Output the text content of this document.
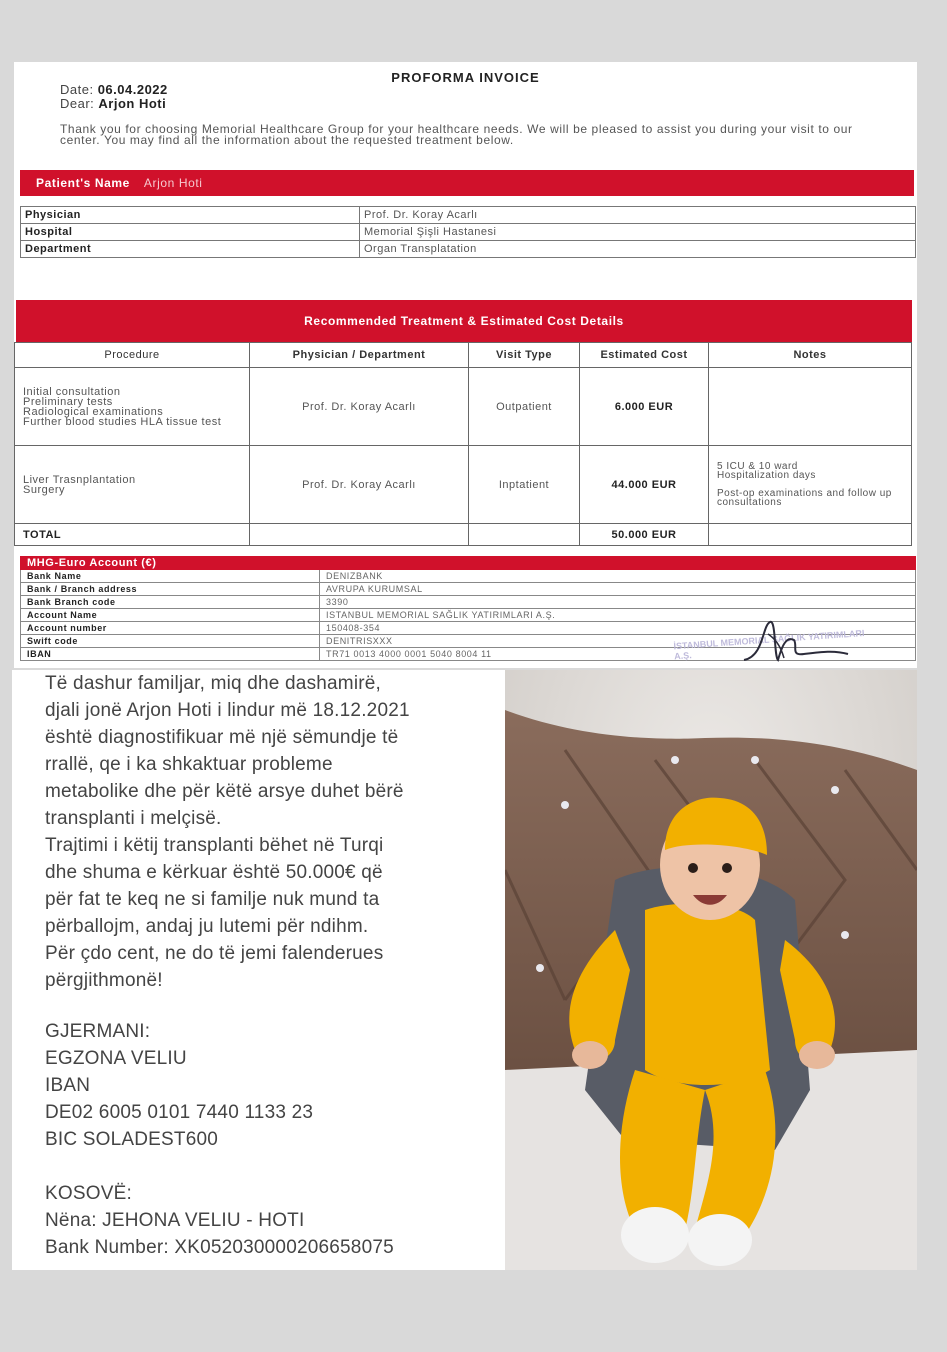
PROFORMA INVOICE
Date: 06.04.2022
Dear: Arjon Hoti
Thank you for choosing Memorial Healthcare Group for your healthcare needs. We will be pleased to assist you during your visit to our center. You may find all the information about the requested treatment below.
Patient's Name Arjon Hoti
Physician	Prof. Dr. Koray Acarlı
Hospital	Memorial Şişli Hastanesi
Department	Organ Transplatation
Recommended Treatment & Estimated Cost Details
Procedure	Physician / Department	Visit Type	Estimated Cost	Notes
Initial consultation
Preliminary tests
Radiological examinations
Further blood studies HLA tissue test	Prof. Dr. Koray Acarlı	Outpatient	6.000 EUR	
Liver Trasnplantation
Surgery	Prof. Dr. Koray Acarlı	Inptatient	44.000 EUR	5 ICU & 10 ward
Hospitalization days

Post-op examinations and follow up consultations
TOTAL			50.000 EUR	
MHG-Euro Account (€)	
Bank Name	DENIZBANK
Bank / Branch address	AVRUPA KURUMSAL
Bank Branch code	3390
Account Name	ISTANBUL MEMORIAL SAĞLIK YATIRIMLARI A.Ş.
Account number	150408-354
Swift code	DENITRISXXX
IBAN	TR71 0013 4000 0001 5040 8004 11
İSTANBUL MEMORIAL SAĞLIK YATIRIMLARI A.Ş.

Të dashur familjar, miq dhe dashamirë,
djali jonë Arjon Hoti i lindur më 18.12.2021
është diagnostifikuar më një sëmundje të
rrallë, qe i ka shkaktuar probleme
metabolike dhe për këtë arsye duhet bërë
transplanti i melçisë.
Trajtimi i këtij transplanti bëhet në Turqi
dhe shuma e kërkuar është 50.000€ që
për fat te keq ne si familje nuk mund ta
përballojm, andaj ju lutemi për ndihm.
Për çdo cent, ne do të jemi falenderues
përgjithmonë!

GJERMANI:
EGZONA VELIU
IBAN
DE02 6005 0101 7440 1133 23
BIC SOLADEST600

KOSOVË:
Nëna: JEHONA VELIU - HOTI
Bank Number: XK05203000020665807​5
